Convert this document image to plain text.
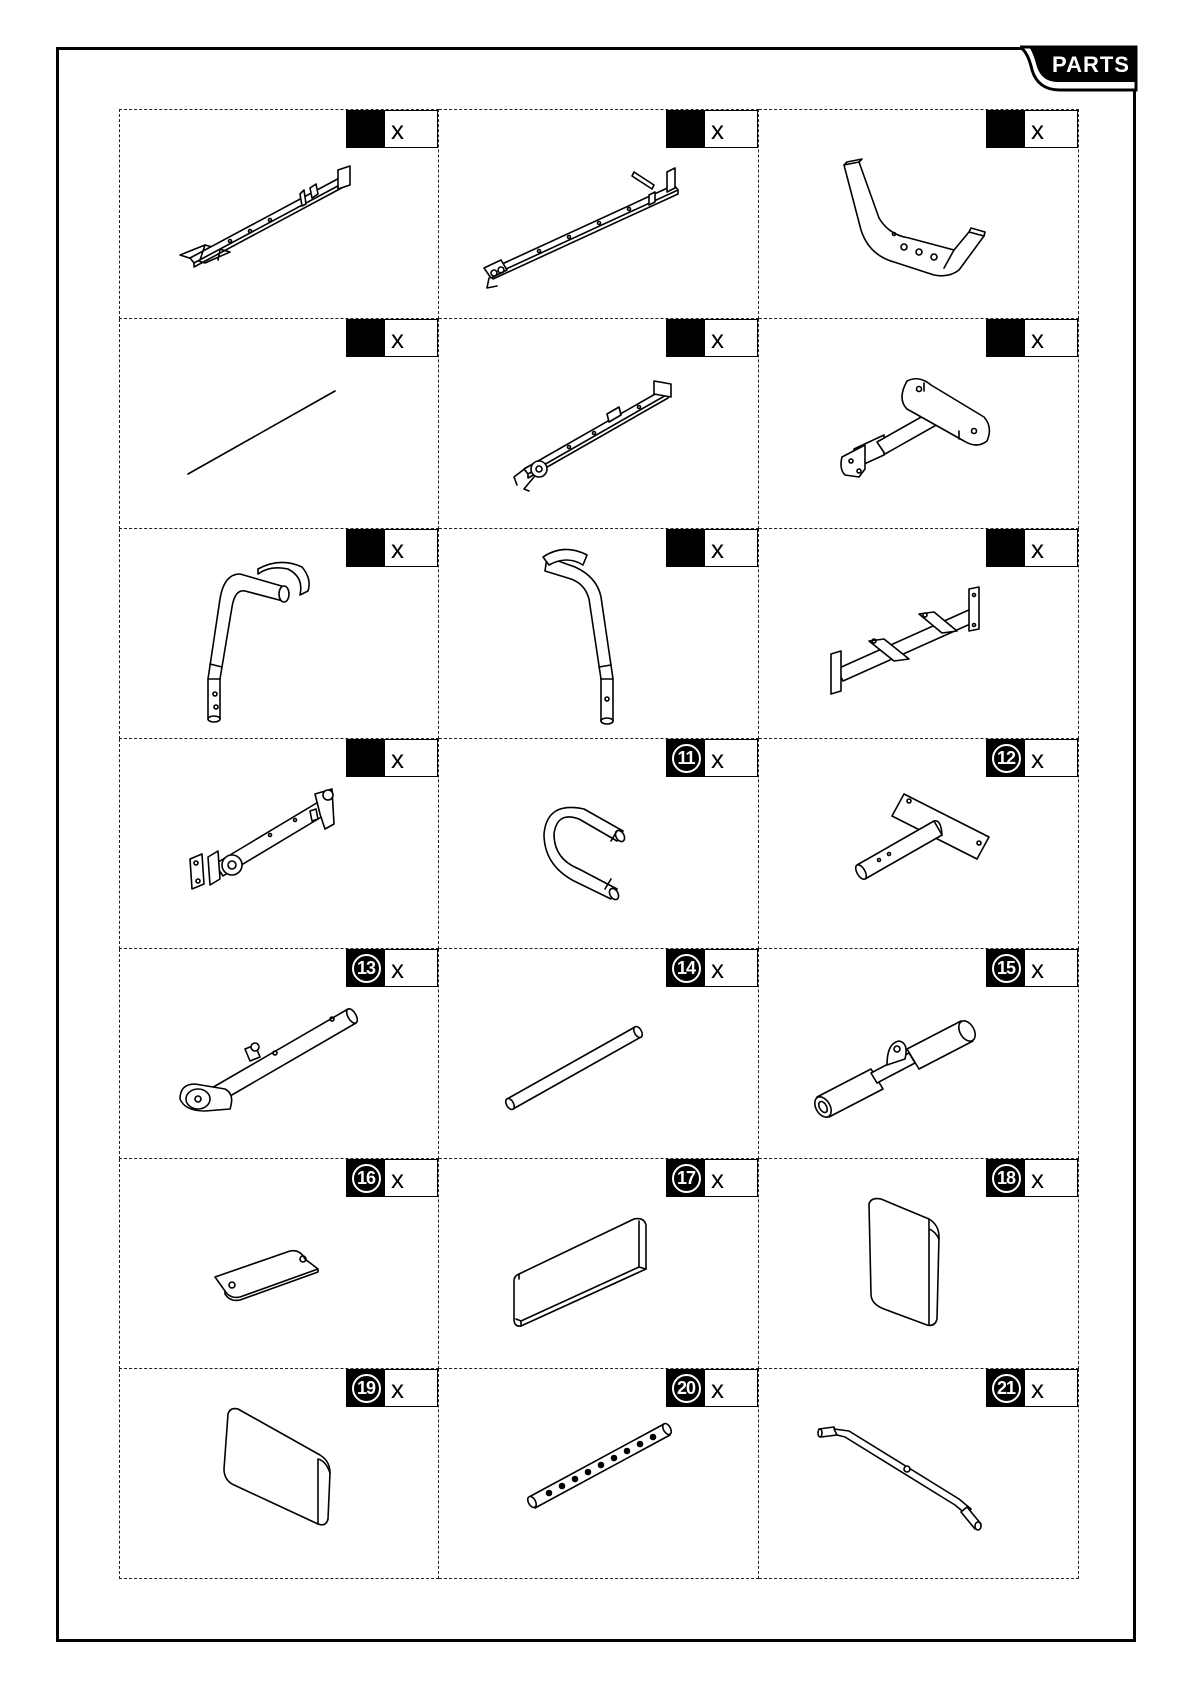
PARTS
x	x	x
x	x	x
x	x	x
x	11 x	12 x
13 x	14 x	15 x
16 x	17 x	18 x
19 x	20 x	21 x
